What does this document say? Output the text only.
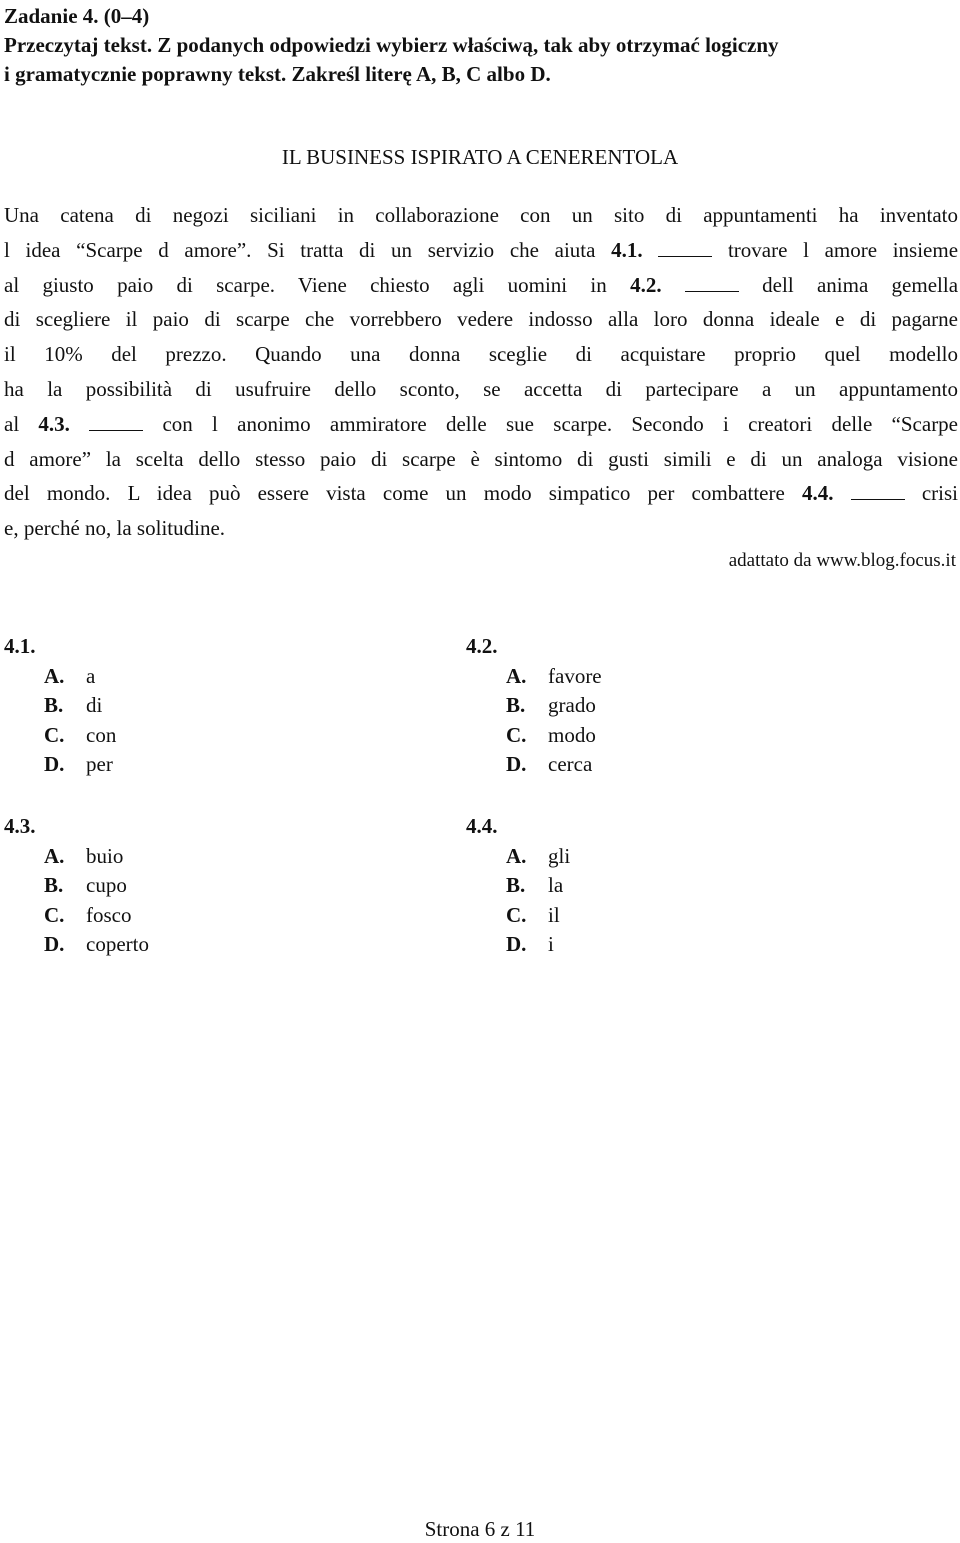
Zadanie 4. (0–4)
Przeczytaj tekst. Z podanych odpowiedzi wybierz właściwą, tak aby otrzymać logiczny
i gramatycznie poprawny tekst. Zakreśl literę A, B, C albo D.
IL BUSINESS ISPIRATO A CENERENTOLA
Una catena di negozi siciliani in collaborazione con un sito di appuntamenti ha inventato
l idea “Scarpe d amore”. Si tratta di un servizio che aiuta 4.1.	trovare l amore insieme
al giusto paio di scarpe. Viene chiesto agli uomini in 4.2.	dell anima gemella
di scegliere il paio di scarpe che vorrebbero vedere indosso alla loro donna ideale e di pagarne
il 10% del prezzo. Quando una donna sceglie di acquistare proprio quel modello
ha la possibilità di usufruire dello sconto, se accetta di partecipare a un appuntamento
al 4.3.	con l anonimo ammiratore delle sue scarpe. Secondo i creatori delle “Scarpe
d amore” la scelta dello stesso paio di scarpe è sintomo di gusti simili e di un analoga visione
del mondo. L idea può essere vista come un modo simpatico per combattere 4.4.	crisi
e, perché no, la solitudine.
adattato da www.blog.focus.it
4.1.
A. a
B. di
C. con
D. per
4.2.
A. favore
B. grado
C. modo
D. cerca
4.3.
A. buio
B. cupo
C. fosco
D. coperto
4.4.
A. gli
B. la
C. il
D. i
Strona 6 z 11
